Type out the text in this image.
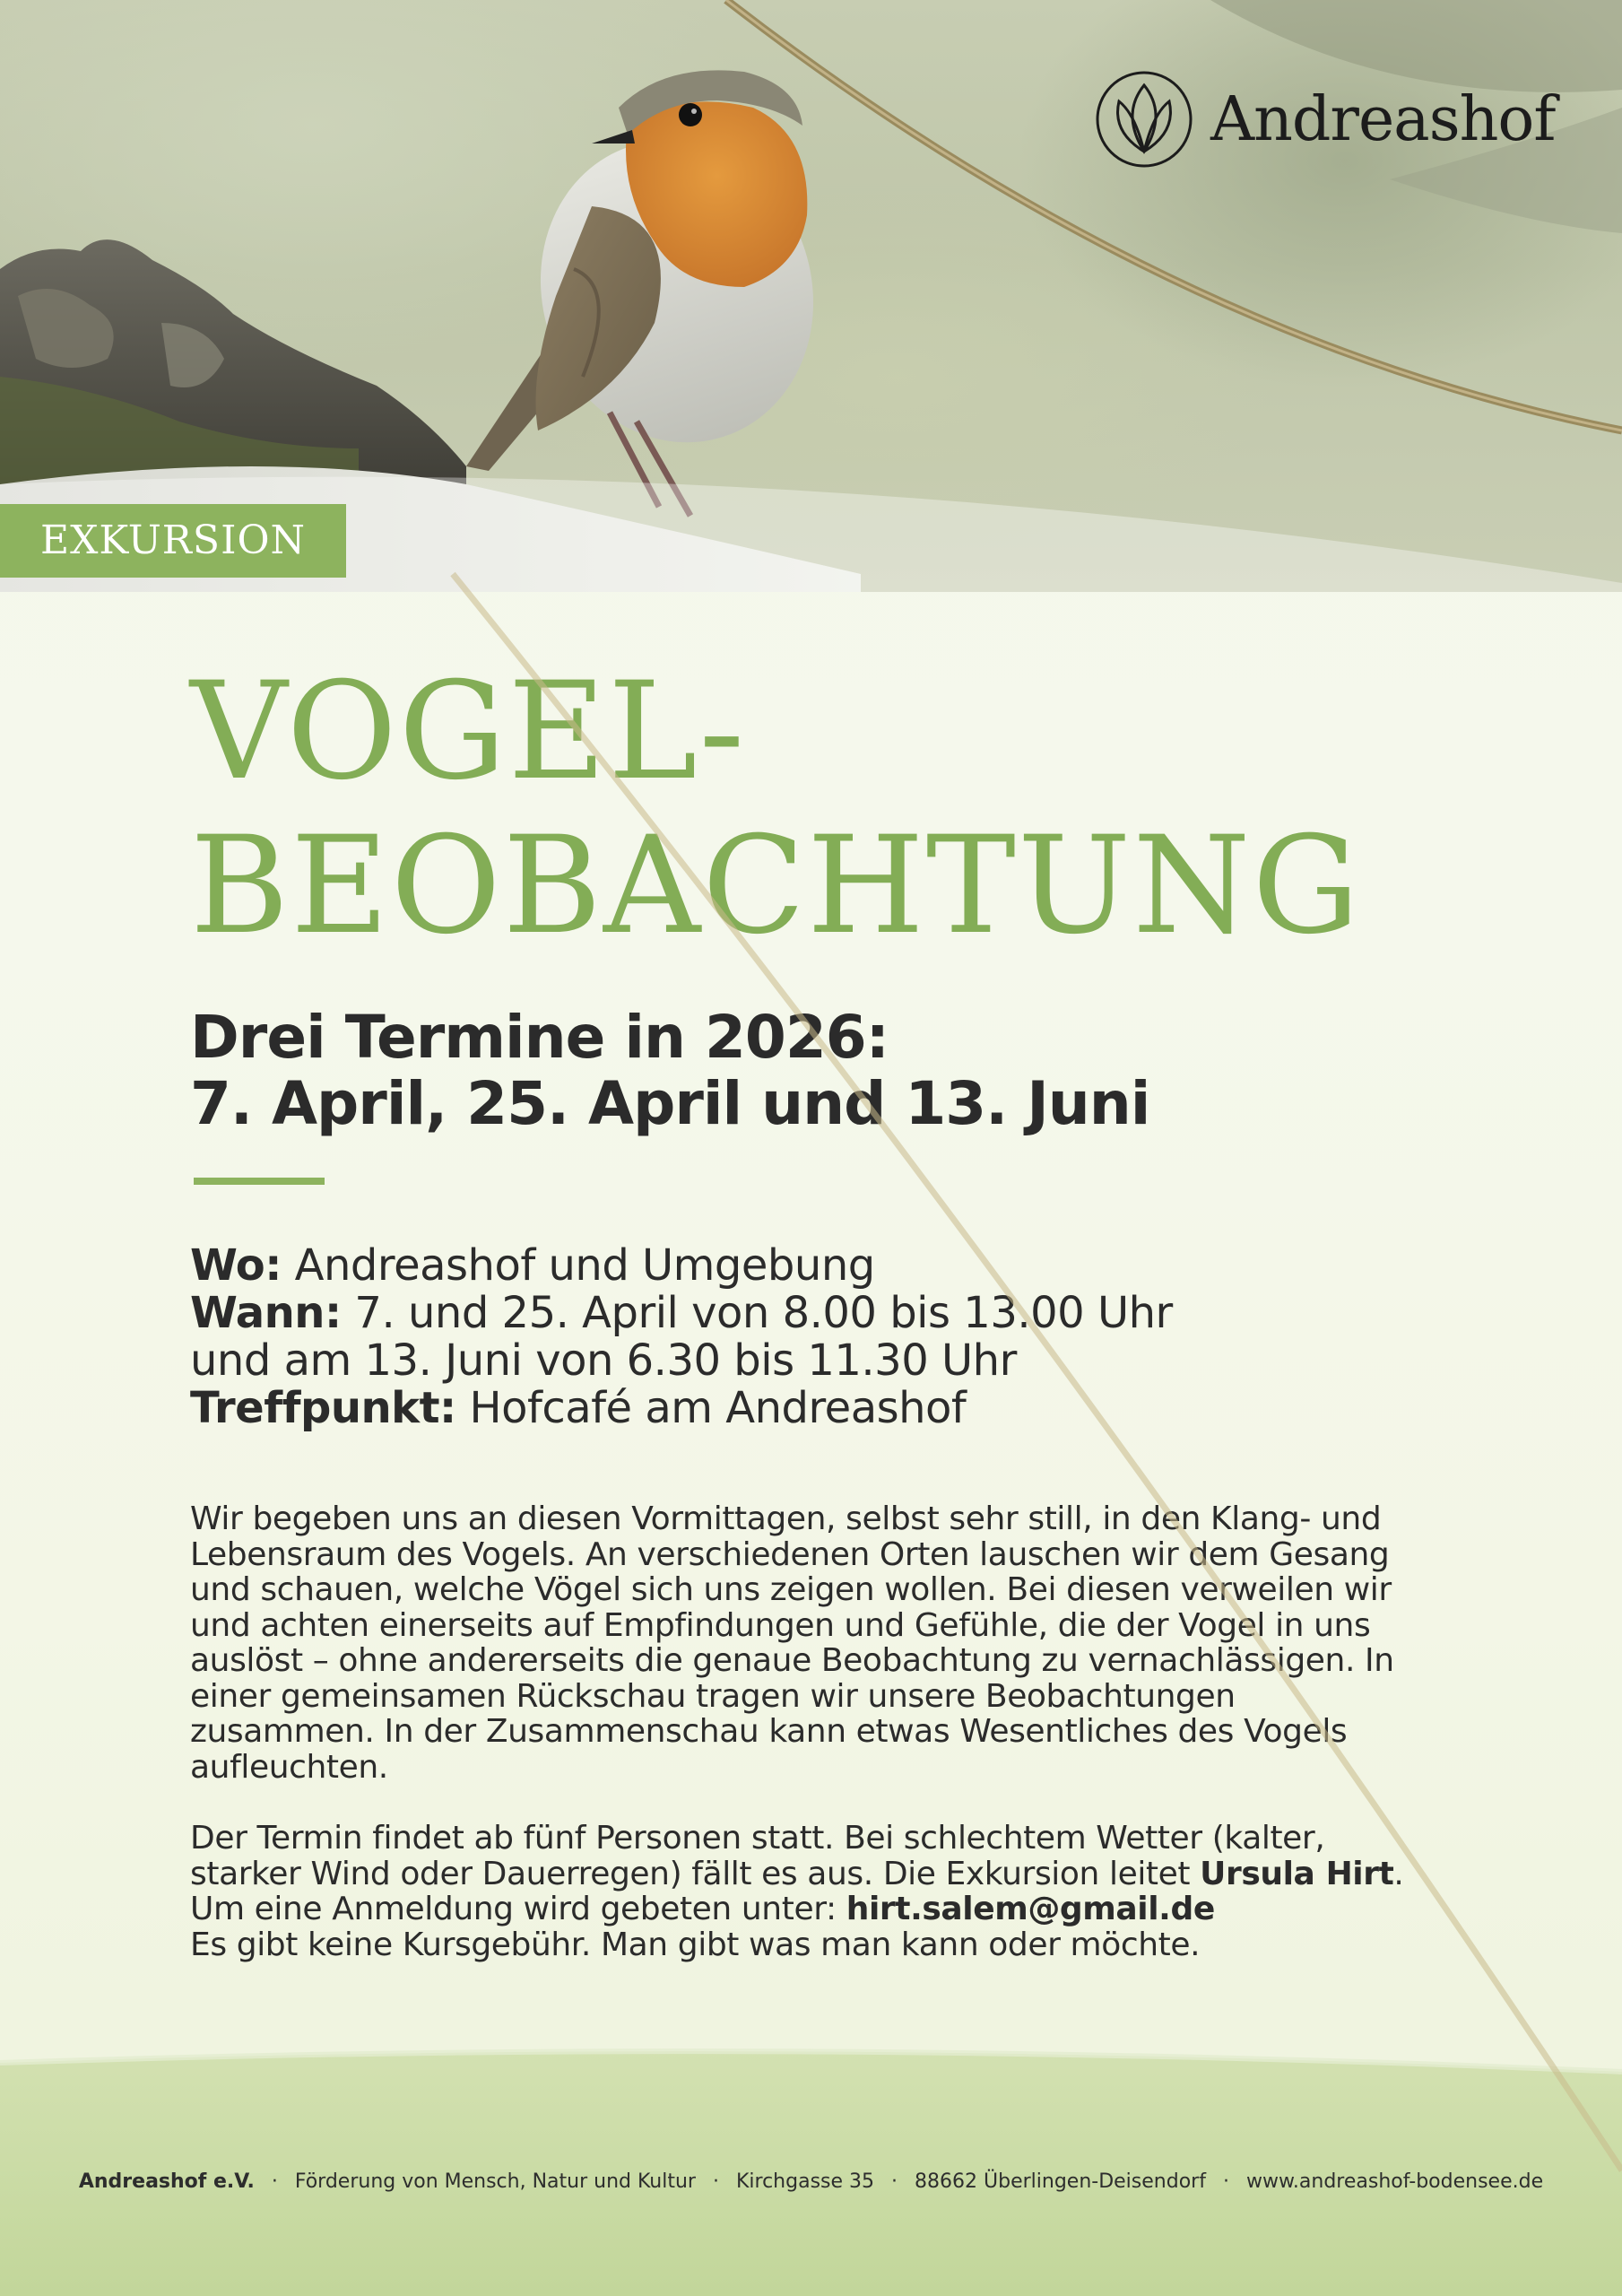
Andreashof
EXKURSION
VOGEL-
BEOBACHTUNG
Drei Termine in 2026:
7. April, 25. April und 13. Juni
Wo: Andreashof und Umgebung
Wann: 7. und 25. April von 8.00 bis 13.00 Uhr
und am 13. Juni von 6.30 bis 11.30 Uhr
Treffpunkt: Hofcafé am Andreashof
Wir begeben uns an diesen Vormittagen, selbst sehr still, in den Klang- und
Lebensraum des Vogels. An verschiedenen Orten lauschen wir dem Gesang
und schauen, welche Vögel sich uns zeigen wollen. Bei diesen verweilen wir
und achten einerseits auf Empfindungen und Gefühle, die der Vogel in uns
auslöst – ohne andererseits die genaue Beobachtung zu vernachlässigen. In
einer gemeinsamen Rückschau tragen wir unsere Beobachtungen
zusammen. In der Zusammenschau kann etwas Wesentliches des Vogels
aufleuchten.
Der Termin findet ab fünf Personen statt. Bei schlechtem Wetter (kalter,
starker Wind oder Dauerregen) fällt es aus. Die Exkursion leitet Ursula Hirt.
Um eine Anmeldung wird gebeten unter: hirt.salem@gmail.de
Es gibt keine Kursgebühr. Man gibt was man kann oder möchte.
Andreashof e.V. · Förderung von Mensch, Natur und Kultur · Kirchgasse 35 · 88662 Überlingen-Deisendorf · www.andreashof-bodensee.de
